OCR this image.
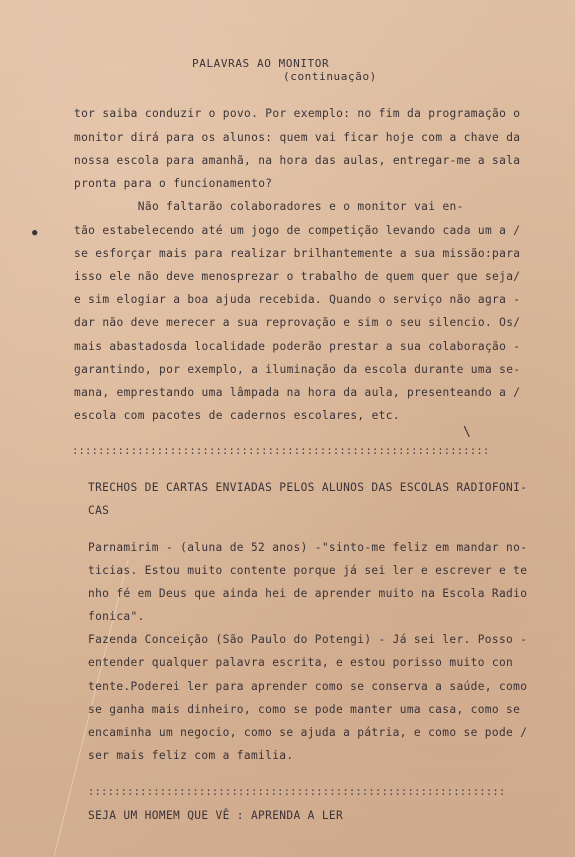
●
\
PALAVRAS AO MONITOR
(continuação)
tor saiba conduzir o povo. Por exemplo: no fim da programação o
monitor dirá para os alunos: quem vai ficar hoje com a chave da
nossa escola para amanhã, na hora das aulas, entregar-me a sala
pronta para o funcionamento?
Não faltarão colaboradores e o monitor vai en-
tão estabelecendo até um jogo de competição levando cada um a /
se esforçar mais para realizar brilhantemente a sua missão:para
isso ele não deve menosprezar o trabalho de quem quer que seja/
e sim elogiar a boa ajuda recebida. Quando o serviço não agra -
dar não deve merecer a sua reprovação e sim o seu silencio. Os/
mais abastadosda localidade poderão prestar a sua colaboração -
garantindo, por exemplo, a iluminação da escola durante uma se-
mana, emprestando uma lâmpada na hora da aula, presenteando a /
escola com pacotes de cadernos escolares, etc.
::::::::::::::::::::::::::::::::::::::::::::::::::::::::::::::::
TRECHOS DE CARTAS ENVIADAS PELOS ALUNOS DAS ESCOLAS RADIOFONI-
CAS
Parnamirim - (aluna de 52 anos) -"sinto-me feliz em mandar no-
ticias. Estou muito contente porque já sei ler e escrever e te
nho fé em Deus que ainda hei de aprender muito na Escola Radio
fonica".
Fazenda Conceição (São Paulo do Potengi) - Já sei ler. Posso -
entender qualquer palavra escrita, e estou porisso muito con
tente.Poderei ler para aprender como se conserva a saúde, como
se ganha mais dinheiro, como se pode manter uma casa, como se
encaminha um negocio, como se ajuda a pátria, e como se pode /
ser mais feliz com a familia.
::::::::::::::::::::::::::::::::::::::::::::::::::::::::::::::::
SEJA UM HOMEM QUE VÊ : APRENDA A LER
